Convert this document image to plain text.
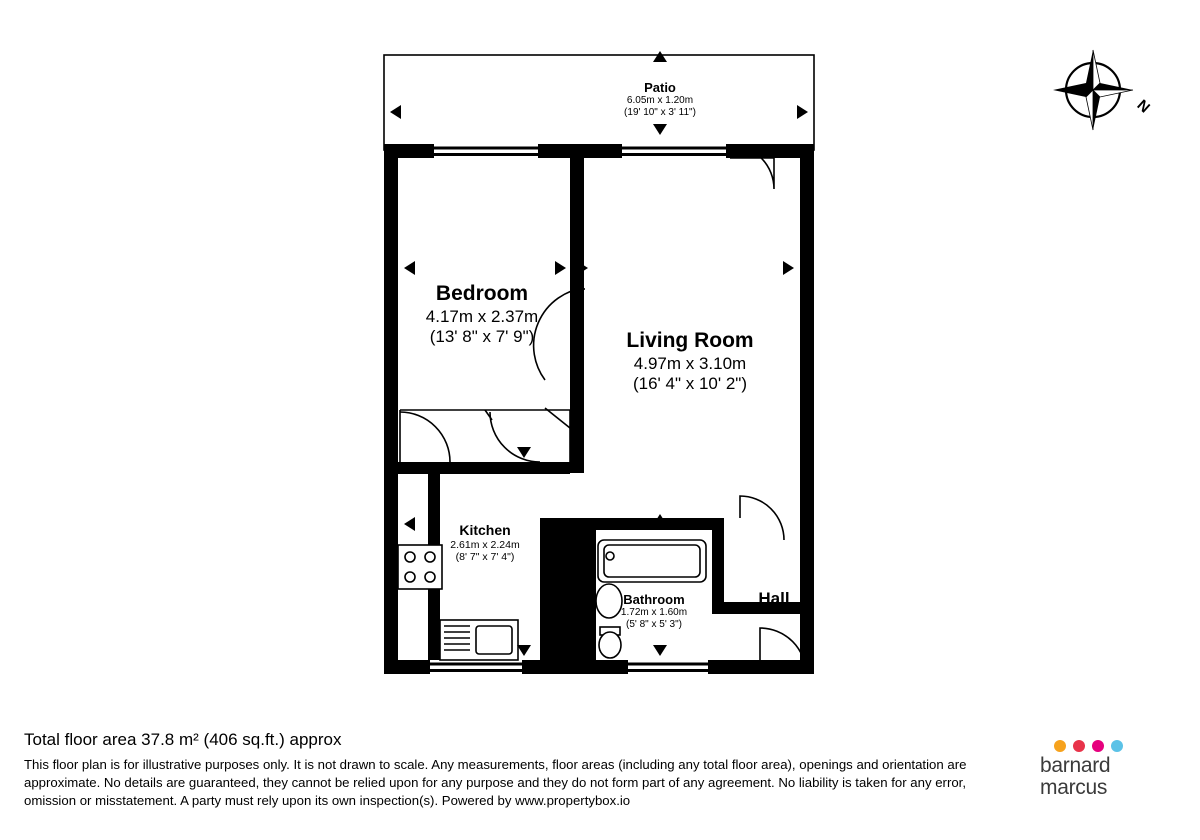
Patio
6.05m x 1.20m
(19' 10" x 3' 11")
Bedroom
4.17m x 2.37m
(13' 8" x 7' 9")	Living Room
4.97m x 3.10m
(16' 4" x 10' 2")
Kitchen
2.61m x 2.24m
(8' 7" x 7' 4")
Bathroom
1.72m x 1.60m
(5' 8" x 5' 3")
Hall
N
Total floor area 37.8 m² (406 sq.ft.) approx
This floor plan is for illustrative purposes only. It is not drawn to scale. Any measurements, floor areas (including any total floor area), openings and orientation are approximate. No details are guaranteed, they cannot be relied upon for any purpose and they do not form part of any agreement. No liability is taken for any error, omission or misstatement. A party must rely upon its own inspection(s). Powered by www.propertybox.io
barnard
marcus
